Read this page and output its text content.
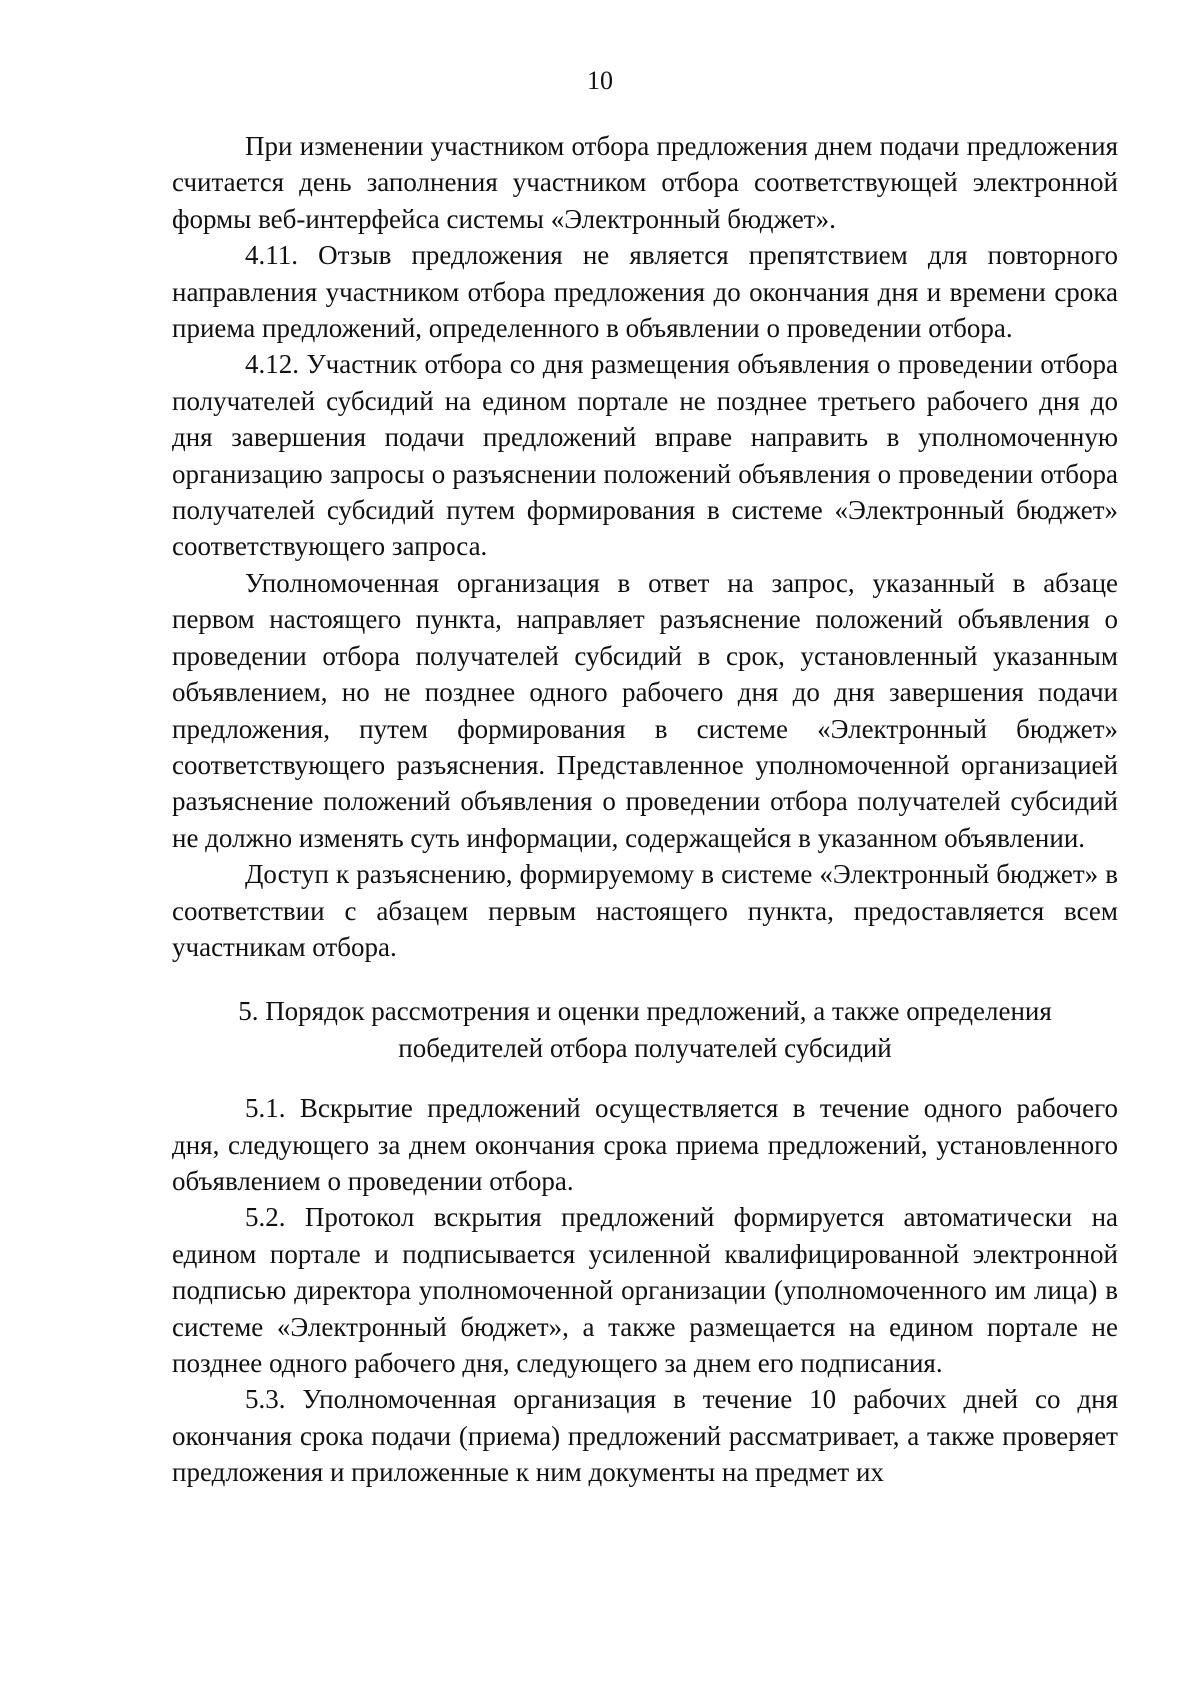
10

При изменении участником отбора предложения днем подачи предложения считается день заполнения участником отбора соответствующей электронной формы веб-интерфейса системы «Электронный бюджет».

4.11. Отзыв предложения не является препятствием для повторного направления участником отбора предложения до окончания дня и времени срока приема предложений, определенного в объявлении о проведении отбора.

4.12. Участник отбора со дня размещения объявления о проведении отбора получателей субсидий на едином портале не позднее третьего рабочего дня до дня завершения подачи предложений вправе направить в уполномоченную организацию запросы о разъяснении положений объявления о проведении отбора получателей субсидий путем формирования в системе «Электронный бюджет» соответствующего запроса.

Уполномоченная организация в ответ на запрос, указанный в абзаце первом настоящего пункта, направляет разъяснение положений объявления о проведении отбора получателей субсидий в срок, установленный указанным объявлением, но не позднее одного рабочего дня до дня завершения подачи предложения, путем формирования в системе «Электронный бюджет» соответствующего разъяснения. Представленное уполномоченной организацией разъяснение положений объявления о проведении отбора получателей субсидий не должно изменять суть информации, содержащейся в указанном объявлении.

Доступ к разъяснению, формируемому в системе «Электронный бюджет» в соответствии с абзацем первым настоящего пункта, предоставляется всем участникам отбора.

5. Порядок рассмотрения и оценки предложений, а также определения
победителей отбора получателей субсидий

5.1. Вскрытие предложений осуществляется в течение одного рабочего дня, следующего за днем окончания срока приема предложений, установленного объявлением о проведении отбора.

5.2. Протокол вскрытия предложений формируется автоматически на едином портале и подписывается усиленной квалифицированной электронной подписью директора уполномоченной организации (уполномоченного им лица) в системе «Электронный бюджет», а также размещается на едином портале не позднее одного рабочего дня, следующего за днем его подписания.

5.3. Уполномоченная организация в течение 10 рабочих дней со дня окончания срока подачи (приема) предложений рассматривает, а также проверяет предложения и приложенные к ним документы на предмет их
